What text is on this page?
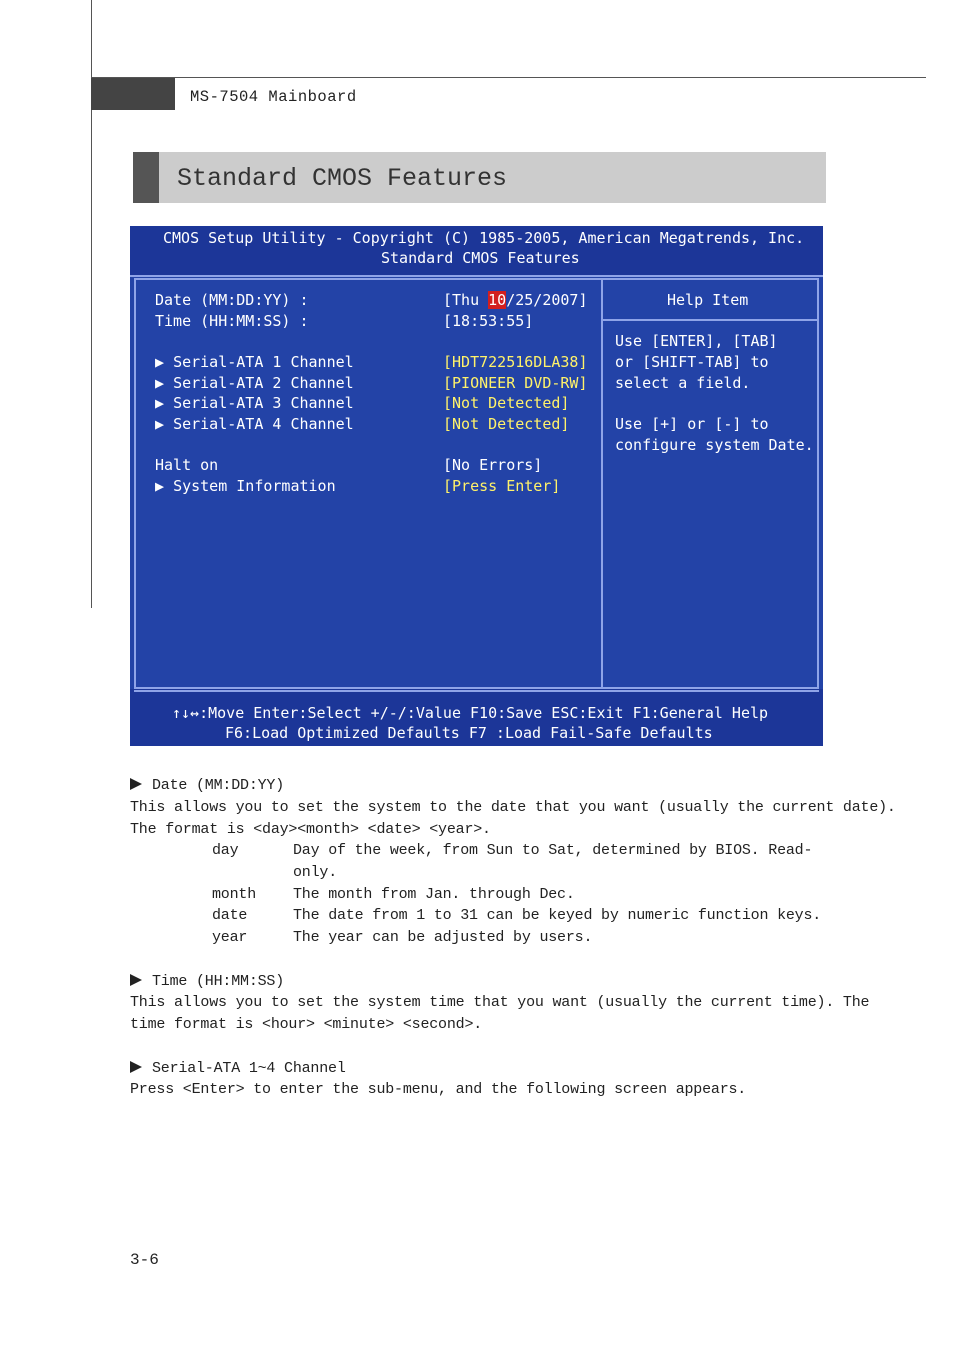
MS-7504 Mainboard
Standard CMOS Features
CMOS Setup Utility - Copyright (C) 1985-2005, American Megatrends, Inc.
Standard CMOS Features
Date (MM:DD:YY) :	[Thu 10/25/2007]
Time (HH:MM:SS) :	[18:53:55]
▶ Serial-ATA 1 Channel	[HDT722516DLA38]
▶ Serial-ATA 2 Channel	[PIONEER DVD-RW]
▶ Serial-ATA 3 Channel	[Not Detected]
▶ Serial-ATA 4 Channel	[Not Detected]
Halt on	[No Errors]
▶ System Information	[Press Enter]
Help Item
Use [ENTER], [TAB]
or [SHIFT-TAB] to
select a field.
Use [+] or [-] to
configure system Date.
↑↓↔:Move Enter:Select +/-/:Value F10:Save ESC:Exit F1:General Help
F6:Load Optimized Defaults F7 :Load Fail-Safe Defaults
Date (MM:DD:YY)
This allows you to set the system to the date that you want (usually the current date).
The format is <day><month> <date> <year>.
day	Day of the week, from Sun to Sat, determined by BIOS. Read-
only.
month The month from Jan. through Dec.
date	The date from 1 to 31 can be keyed by numeric function keys.
year	The year can be adjusted by users.
Time (HH:MM:SS)
This allows you to set the system time that you want (usually the current time). The
time format is <hour> <minute> <second>.
Serial-ATA 1~4 Channel
Press <Enter> to enter the sub-menu, and the following screen appears.
3-6
